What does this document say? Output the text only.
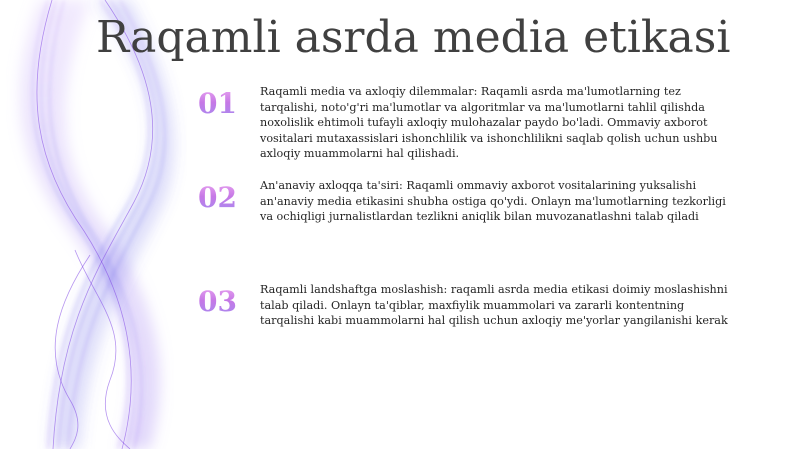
Raqamli asrda media etikasi
01	Raqamli media va axloqiy dilemmalar: Raqamli asrda ma'lumotlarning tez tarqalishi, noto'g'ri ma'lumotlar va algoritmlar va ma'lumotlarni tahlil qilishda noxolislik ehtimoli tufayli axloqiy mulohazalar paydo bo'ladi. Ommaviy axborot vositalari mutaxassislari ishonchlilik va ishonchlilikni saqlab qolish uchun ushbu axloqiy muammolarni hal qilishadi.

02	An'anaviy axloqqa ta'siri: Raqamli ommaviy axborot vositalarining yuksalishi an'anaviy media etikasini shubha ostiga qo'ydi. Onlayn ma'lumotlarning tezkorligi va ochiqligi jurnalistlardan tezlikni aniqlik bilan muvozanatlashni talab qiladi

03	Raqamli landshaftga moslashish: raqamli asrda media etikasi doimiy moslashishni talab qiladi. Onlayn ta'qiblar, maxfiylik muammolari va zararli kontentning tarqalishi kabi muammolarni hal qilish uchun axloqiy me'yorlar yangilanishi kerak
